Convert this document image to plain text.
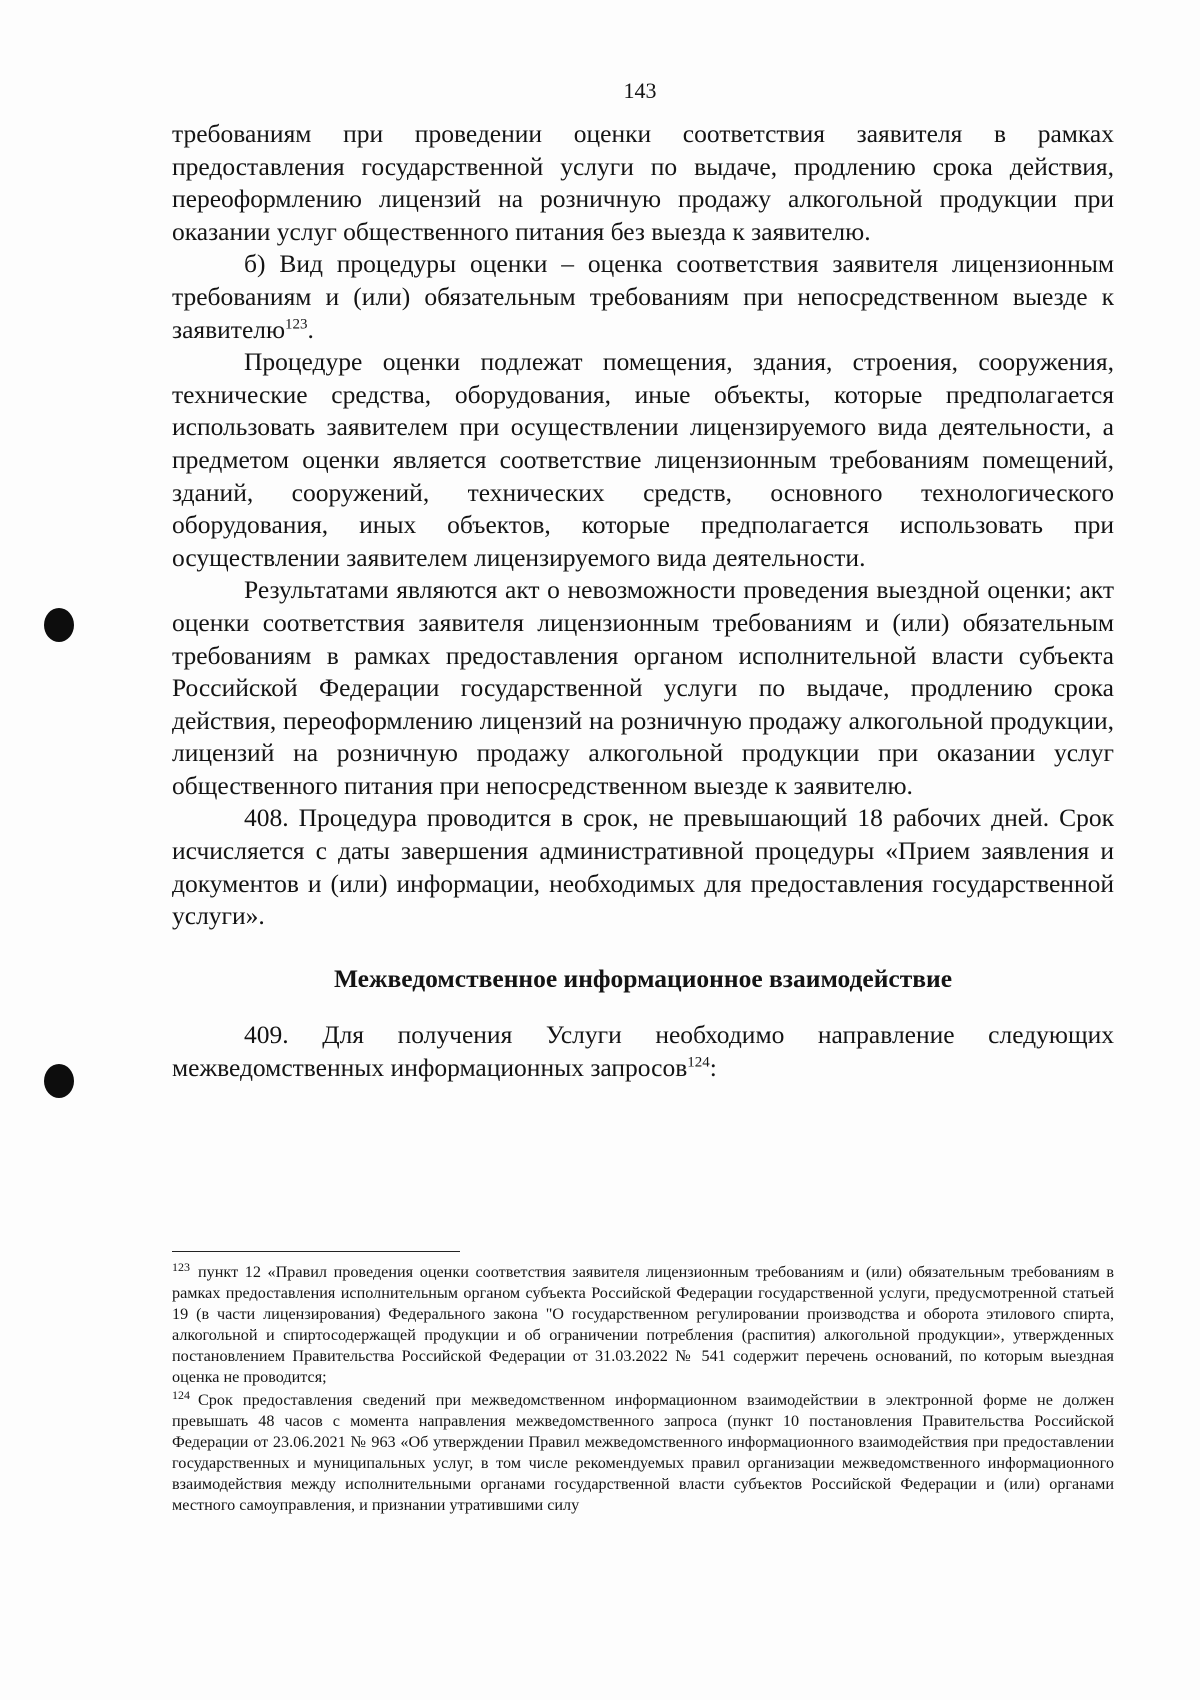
143

требованиям при проведении оценки соответствия заявителя в рамках предоставления государственной услуги по выдаче, продлению срока действия, переоформлению лицензий на розничную продажу алкогольной продукции при оказании услуг общественного питания без выезда к заявителю.

б) Вид процедуры оценки – оценка соответствия заявителя лицензионным требованиям и (или) обязательным требованиям при непосредственном выезде к заявителю$^{123}$.

Процедуре оценки подлежат помещения, здания, строения, сооружения, технические средства, оборудования, иные объекты, которые предполагается использовать заявителем при осуществлении лицензируемого вида деятельности, а предметом оценки является соответствие лицензионным требованиям помещений, зданий, сооружений, технических средств, основного технологического оборудования, иных объектов, которые предполагается использовать при осуществлении заявителем лицензируемого вида деятельности.

Результатами являются акт о невозможности проведения выездной оценки; акт оценки соответствия заявителя лицензионным требованиям и (или) обязательным требованиям в рамках предоставления органом исполнительной власти субъекта Российской Федерации государственной услуги по выдаче, продлению срока действия, переоформлению лицензий на розничную продажу алкогольной продукции, лицензий на розничную продажу алкогольной продукции при оказании услуг общественного питания при непосредственном выезде к заявителю.

408. Процедура проводится в срок, не превышающий 18 рабочих дней. Срок исчисляется с даты завершения административной процедуры «Прием заявления и документов и (или) информации, необходимых для предоставления государственной услуги».

Межведомственное информационное взаимодействие

409. Для получения Услуги необходимо направление следующих межведомственных информационных запросов$^{124}$:

$^{123}$ пункт 12 «Правил проведения оценки соответствия заявителя лицензионным требованиям и (или) обязательным требованиям в рамках предоставления исполнительным органом субъекта Российской Федерации государственной услуги, предусмотренной статьей 19 (в части лицензирования) Федерального закона "О государственном регулировании производства и оборота этилового спирта, алкогольной и спиртосодержащей продукции и об ограничении потребления (распития) алкогольной продукции», утвержденных постановлением Правительства Российской Федерации от 31.03.2022 № 541 содержит перечень оснований, по которым выездная оценка не проводится;

$^{124}$ Срок предоставления сведений при межведомственном информационном взаимодействии в электронной форме не должен превышать 48 часов с момента направления межведомственного запроса (пункт 10 постановления Правительства Российской Федерации от 23.06.2021 № 963 «Об утверждении Правил межведомственного информационного взаимодействия при предоставлении государственных и муниципальных услуг, в том числе рекомендуемых правил организации межведомственного информационного взаимодействия между исполнительными органами государственной власти субъектов Российской Федерации и (или) органами местного самоуправления, и признании утратившими силу
